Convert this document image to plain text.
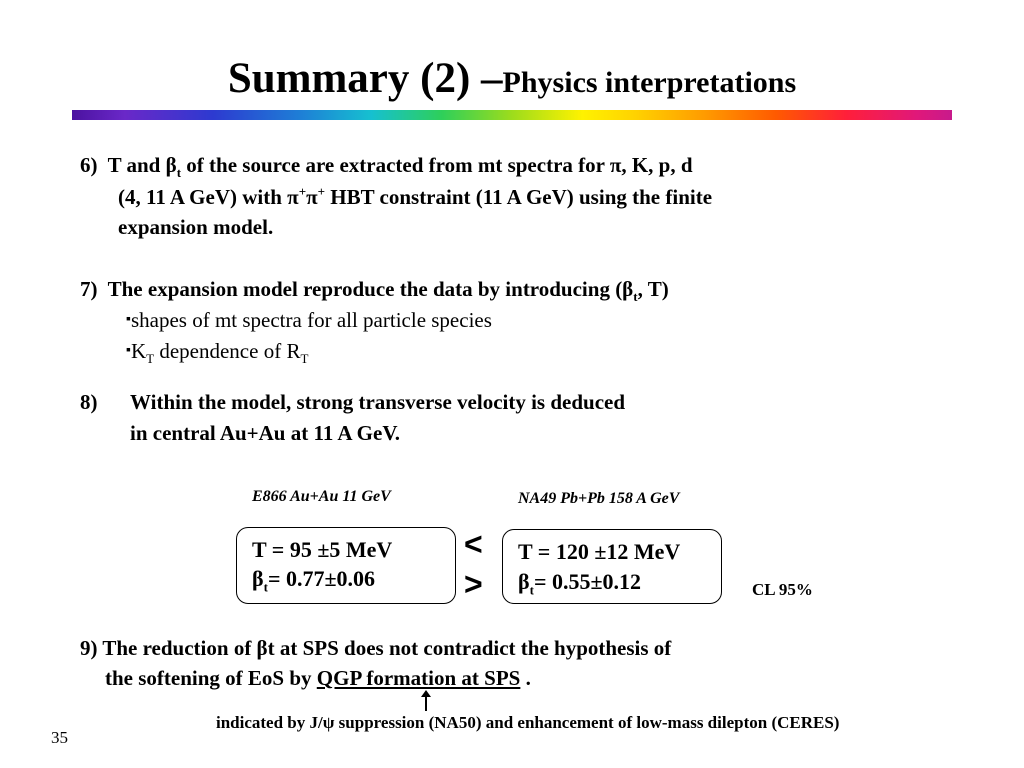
Summary (2) –Physics interpretations
6) T and $\beta_t$ of the source are extracted from mt spectra for π, K, p, d
(4, 11 A GeV) with π+π+ HBT constraint (11 A GeV) using the finite
expansion model.
7) The expansion model reproduce the data by introducing ($\beta_t$, T)
▪shapes of mt spectra for all particle species
$▪K_T$ dependence of $R_T$
8) Within the model, strong transverse velocity is deduced
in central Au+Au at 11 A GeV.
E866 Au+Au 11 GeV	NA49 Pb+Pb 158 A GeV
T = 95 ±5 MeV
$\beta_t= 0.77\pm 0.06$
<
>
T = 120 ±12 MeV
$\beta_t= 0.55\pm 0.12$	CL 95%
9) The reduction of βt at SPS does not contradict the hypothesis of
the softening of EoS by QGP formation at SPS .
indicated by J/ψ suppression (NA50) and enhancement of low-mass dilepton (CERES)
35
